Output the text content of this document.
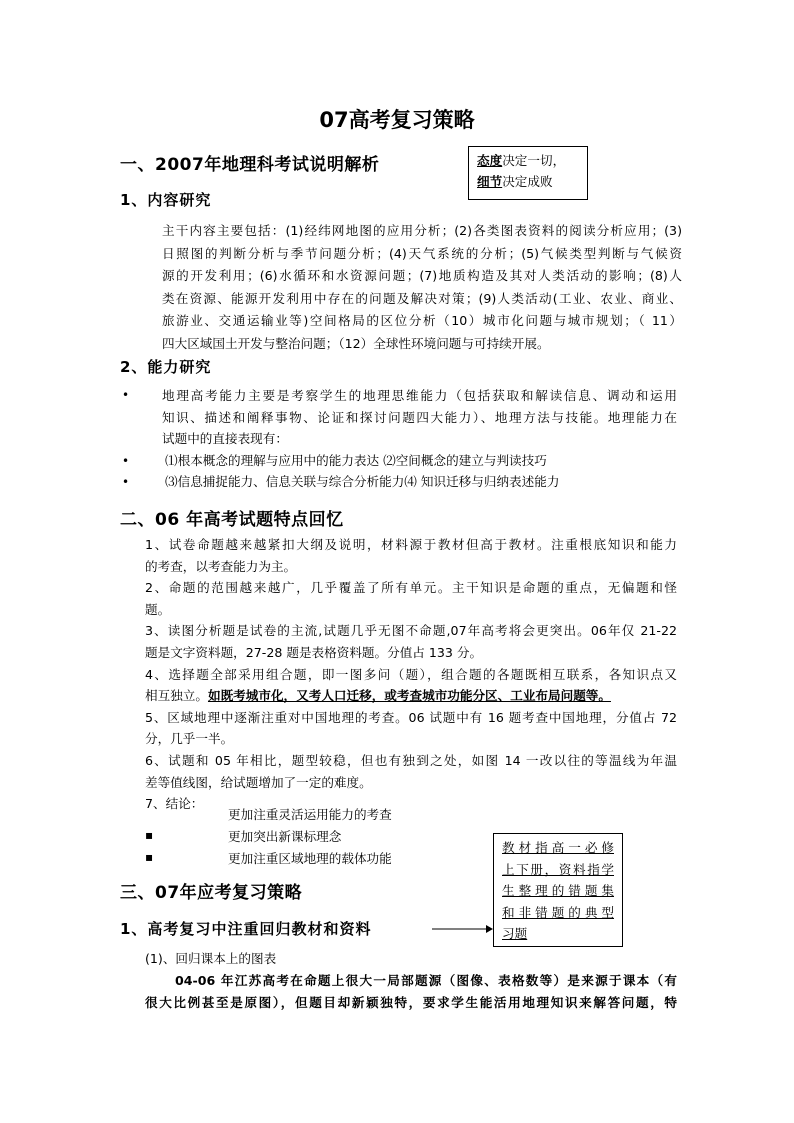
07高考复习策略
态度决定一切，
细节决定成败
一、2007年地理科考试说明解析
1、内容研究

主干内容主要包括：(1)经纬网地图的应用分析；(2)各类图表资料的阅读分析应用；(3)

日照图的判断分析与季节问题分析；(4)天气系统的分析；(5)气候类型判断与气候资

源的开发利用；(6)水循环和水资源问题；(7)地质构造及其对人类活动的影响；(8)人

类在资源、能源开发利用中存在的问题及解决对策；(9)人类活动(工业、农业、商业、

旅游业、交通运输业等)空间格局的区位分析（10）城市化问题与城市规划；（ 11）

四大区域国土开发与整治问题；（12）全球性环境问题与可持续开展。

2、能力研究
•	地理高考能力主要是考察学生的地理思维能力（包括获取和解读信息、调动和运用

知识、描述和阐释事物、论证和探讨问题四大能力）、地理方法与技能。地理能力在

试题中的直接表现有：

•	⑴根本概念的理解与应用中的能力表达 ⑵空间概念的建立与判读技巧
•	⑶信息捕捉能力、信息关联与综合分析能力⑷ 知识迁移与归纳表述能力
二、06 年高考试题特点回忆
1、试卷命题越来越紧扣大纲及说明，材料源于教材但高于教材。注重根底知识和能力
的考查，以考查能力为主。
2、命题的范围越来越广，几乎覆盖了所有单元。主干知识是命题的重点，无偏题和怪
题。
3、读图分析题是试卷的主流,试题几乎无图不命题,07年高考将会更突出。06年仅 21-22
题是文字资料题，27-28 题是表格资料题。分值占 133 分。
4、选择题全部采用组合题，即一图多问（题），组合题的各题既相互联系，各知识点又
相互独立。如既考城市化，又考人口迁移，或考查城市功能分区、工业布局问题等。
5、区域地理中逐渐注重对中国地理的考查。06 试题中有 16 题考查中国地理，分值占 72
分，几乎一半。
6、试题和 05 年相比，题型较稳，但也有独到之处，如图 14 一改以往的等温线为年温
差等值线图，给试题增加了一定的难度。
7、结论：
更加注重灵活运用能力的考查
▪	更加突出新课标理念
▪	更加注重区域地理的载体功能
三、07年应考复习策略
1、高考复习中注重回归教材和资料
教材指高一必修
上下册，资料指学
生整理的错题集
和非错题的典型
习题
(1)、回归课本上的图表
04-06 年江苏高考在命题上很大一局部题源（图像、表格数等）是来源于课本（有
很大比例甚至是原图），但题目却新颖独特，要求学生能活用地理知识来解答问题，特
